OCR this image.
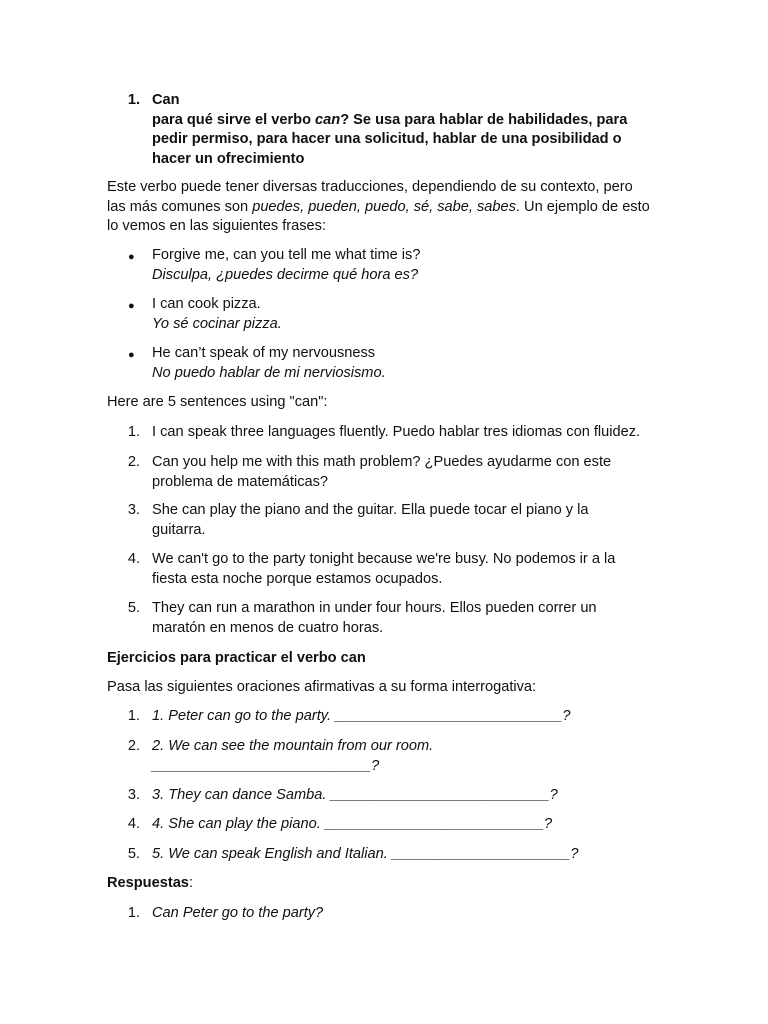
1. Can
para qué sirve el verbo can? Se usa para hablar de habilidades, para pedir permiso, para hacer una solicitud, hablar de una posibilidad o hacer un ofrecimiento
Este verbo puede tener diversas traducciones, dependiendo de su contexto, pero las más comunes son puedes, pueden, puedo, sé, sabe, sabes. Un ejemplo de esto lo vemos en las siguientes frases:
● Forgive me, can you tell me what time is?
Disculpa, ¿puedes decirme qué hora es?
● I can cook pizza.
Yo sé cocinar pizza.
● He can’t speak of my nervousness
No puedo hablar de mi nerviosismo.
Here are 5 sentences using "can":
1. I can speak three languages fluently. Puedo hablar tres idiomas con fluidez.
2. Can you help me with this math problem? ¿Puedes ayudarme con este problema de matemáticas?
3. She can play the piano and the guitar. Ella puede tocar el piano y la guitarra.
4. We can't go to the party tonight because we're busy. No podemos ir a la fiesta esta noche porque estamos ocupados.
5. They can run a marathon in under four hours. Ellos pueden correr un maratón en menos de cuatro horas.
Ejercicios para practicar el verbo can
Pasa las siguientes oraciones afirmativas a su forma interrogativa:
1. 1. Peter can go to the party. ____________________________?
2. 2. We can see the mountain from our room. ___________________________?
3. 3. They can dance Samba. ___________________________?
4. 4. She can play the piano. ___________________________?
5. 5. We can speak English and Italian. ______________________?
Respuestas:
1. Can Peter go to the party?
